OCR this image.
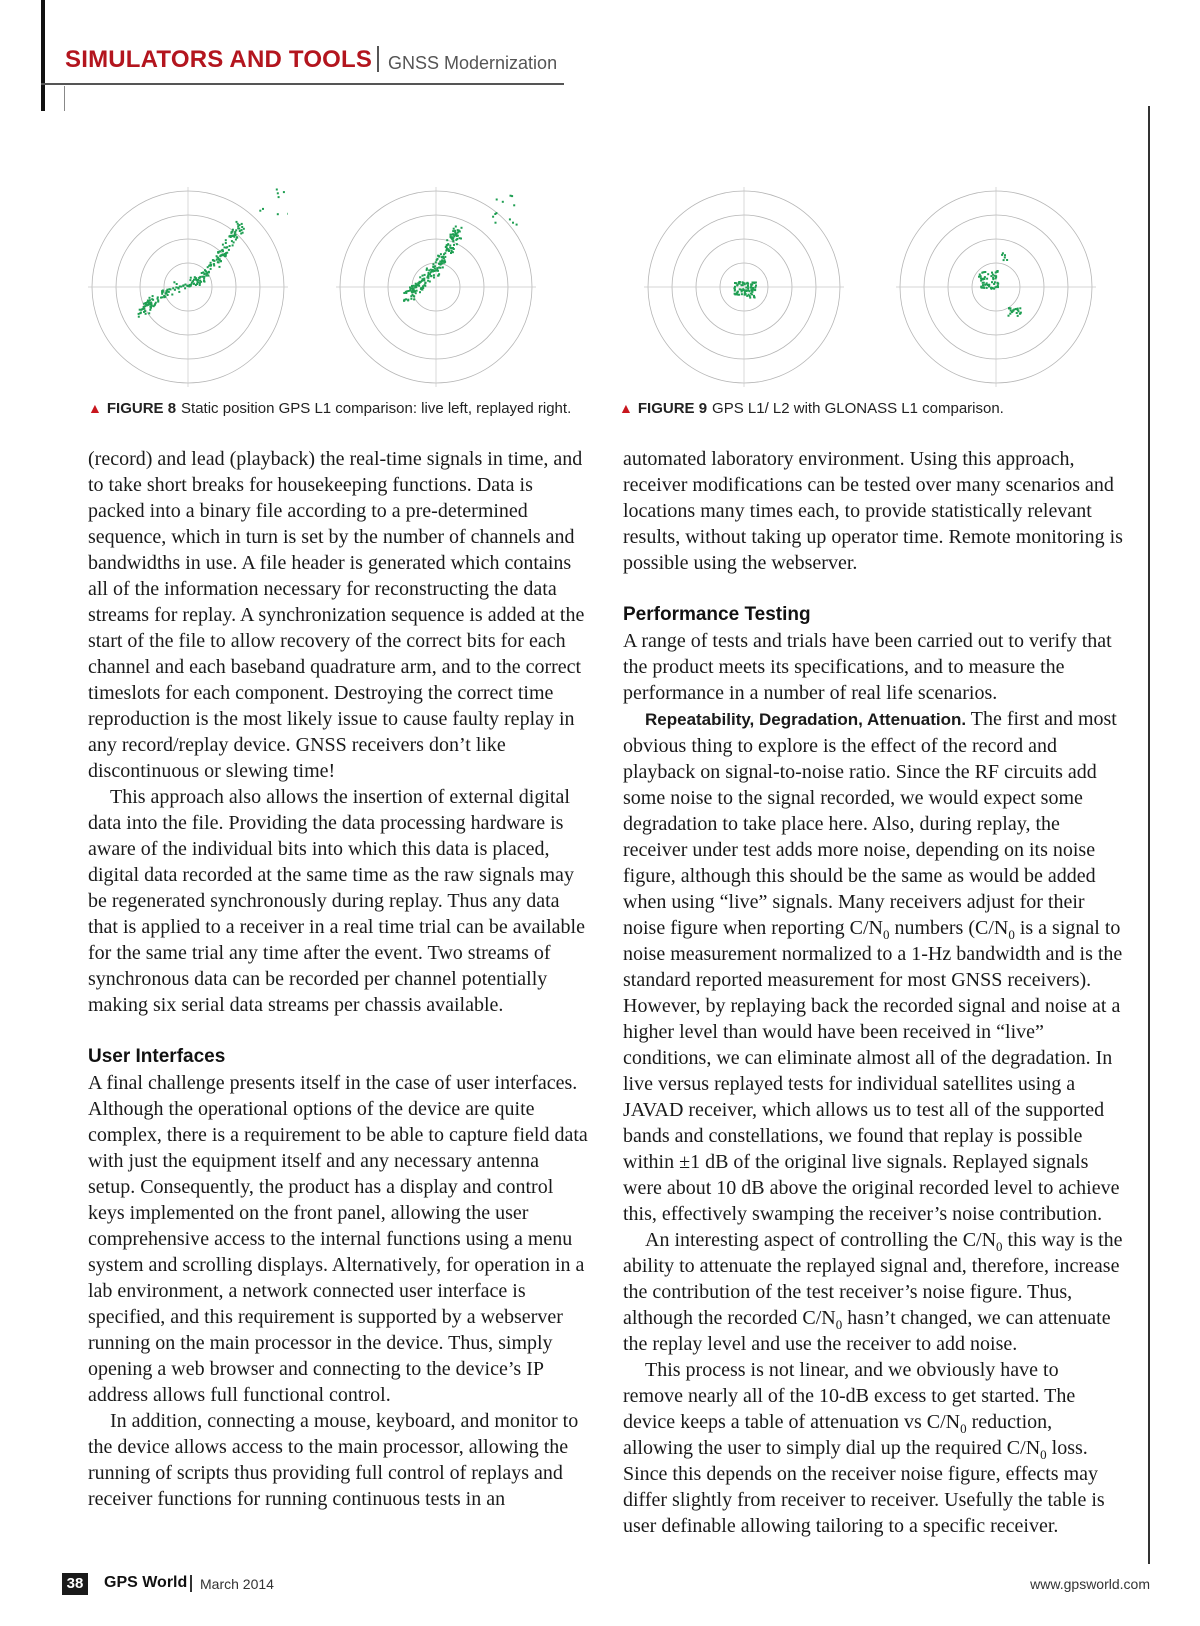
SIMULATORS AND TOOLS GNSS Modernization
▲ FIGURE 8 Static position GPS L1 comparison: live left, replayed right.	▲ FIGURE 9 GPS L1/ L2 with GLONASS L1 comparison.

(record) and lead (playback) the real-time signals in time, and to take short breaks for housekeeping functions. Data is packed into a binary file according to a pre-determined sequence, which in turn is set by the number of channels and bandwidths in use. A file header is generated which contains all of the information necessary for reconstructing the data streams for replay. A synchronization sequence is added at the start of the file to allow recovery of the correct bits for each channel and each baseband quadrature arm, and to the correct timeslots for each component. Destroying the correct time reproduction is the most likely issue to cause faulty replay in any record/replay device. GNSS receivers don’t like discontinuous or slewing time!

This approach also allows the insertion of external digital data into the file. Providing the data processing hardware is aware of the individual bits into which this data is placed, digital data recorded at the same time as the raw signals may be regenerated synchronously during replay. Thus any data that is applied to a receiver in a real time trial can be available for the same trial any time after the event. Two streams of synchronous data can be recorded per channel potentially making six serial data streams per chassis available.

User Interfaces

A final challenge presents itself in the case of user interfaces. Although the operational options of the device are quite complex, there is a requirement to be able to capture field data with just the equipment itself and any necessary antenna setup. Consequently, the product has a display and control keys implemented on the front panel, allowing the user comprehensive access to the internal functions using a menu system and scrolling displays. Alternatively, for operation in a lab environment, a network connected user interface is specified, and this requirement is supported by a webserver running on the main processor in the device. Thus, simply opening a web browser and connecting to the device’s IP address allows full functional control.

In addition, connecting a mouse, keyboard, and monitor to the device allows access to the main processor, allowing the running of scripts thus providing full control of replays and receiver functions for running continuous tests in an

automated laboratory environment. Using this approach, receiver modifications can be tested over many scenarios and locations many times each, to provide statistically relevant results, without taking up operator time. Remote monitoring is possible using the webserver.

Performance Testing

A range of tests and trials have been carried out to verify that the product meets its specifications, and to measure the performance in a number of real life scenarios.

Repeatability, Degradation, Attenuation. The first and most obvious thing to explore is the effect of the record and playback on signal-to-noise ratio. Since the RF circuits add some noise to the signal recorded, we would expect some degradation to take place here. Also, during replay, the receiver under test adds more noise, depending on its noise figure, although this should be the same as would be added when using “live” signals. Many receivers adjust for their noise figure when reporting $C/N_0$ numbers ($C/N_0$ is a signal to noise measurement normalized to a 1-Hz bandwidth and is the standard reported measurement for most GNSS receivers). However, by replaying back the recorded signal and noise at a higher level than would have been received in “live” conditions, we can eliminate almost all of the degradation. In live versus replayed tests for individual satellites using a JAVAD receiver, which allows us to test all of the supported bands and constellations, we found that replay is possible within ±1 dB of the original live signals. Replayed signals were about 10 dB above the original recorded level to achieve this, effectively swamping the receiver’s noise contribution.

An interesting aspect of controlling the $C/N_0$ this way is the ability to attenuate the replayed signal and, therefore, increase the contribution of the test receiver’s noise figure. Thus, although the recorded $C/N_0$ hasn’t changed, we can attenuate the replay level and use the receiver to add noise.

This process is not linear, and we obviously have to remove nearly all of the 10-dB excess to get started. The device keeps a table of attenuation vs $C/N_0$ reduction, allowing the user to simply dial up the required $C/N_0$ loss. Since this depends on the receiver noise figure, effects may differ slightly from receiver to receiver. Usefully the table is user definable allowing tailoring to a specific receiver.

38 GPS World March 2014	www.gpsworld.com
